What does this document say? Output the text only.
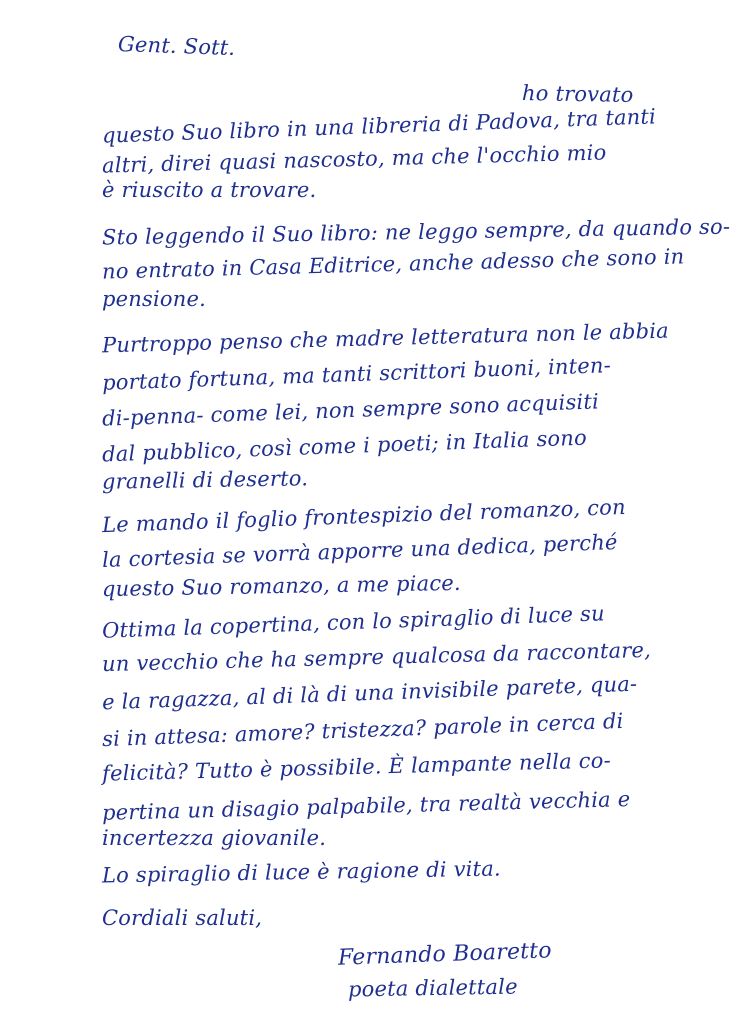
Gent. Sott.
ho trovato
questo Suo libro in una libreria di Padova, tra tanti
altri, direi quasi nascosto, ma che l'occhio mio
è riuscito a trovare.
Sto leggendo il Suo libro: ne leggo sempre, da quando so-
no entrato in Casa Editrice, anche adesso che sono in
pensione.
Purtroppo penso che madre letteratura non le abbia
portato fortuna, ma tanti scrittori buoni, inten-
di-penna- come lei, non sempre sono acquisiti
dal pubblico, così come i poeti; in Italia sono
granelli di deserto.
Le mando il foglio frontespizio del romanzo, con
la cortesia se vorrà apporre una dedica, perché
questo Suo romanzo, a me piace.
Ottima la copertina, con lo spiraglio di luce su
un vecchio che ha sempre qualcosa da raccontare,
e la ragazza, al di là di una invisibile parete, qua-
si in attesa: amore? tristezza? parole in cerca di
felicità? Tutto è possibile. È lampante nella co-
pertina un disagio palpabile, tra realtà vecchia e
incertezza giovanile.
Lo spiraglio di luce è ragione di vita.
Cordiali saluti,
Fernando Boaretto
poeta dialettale
